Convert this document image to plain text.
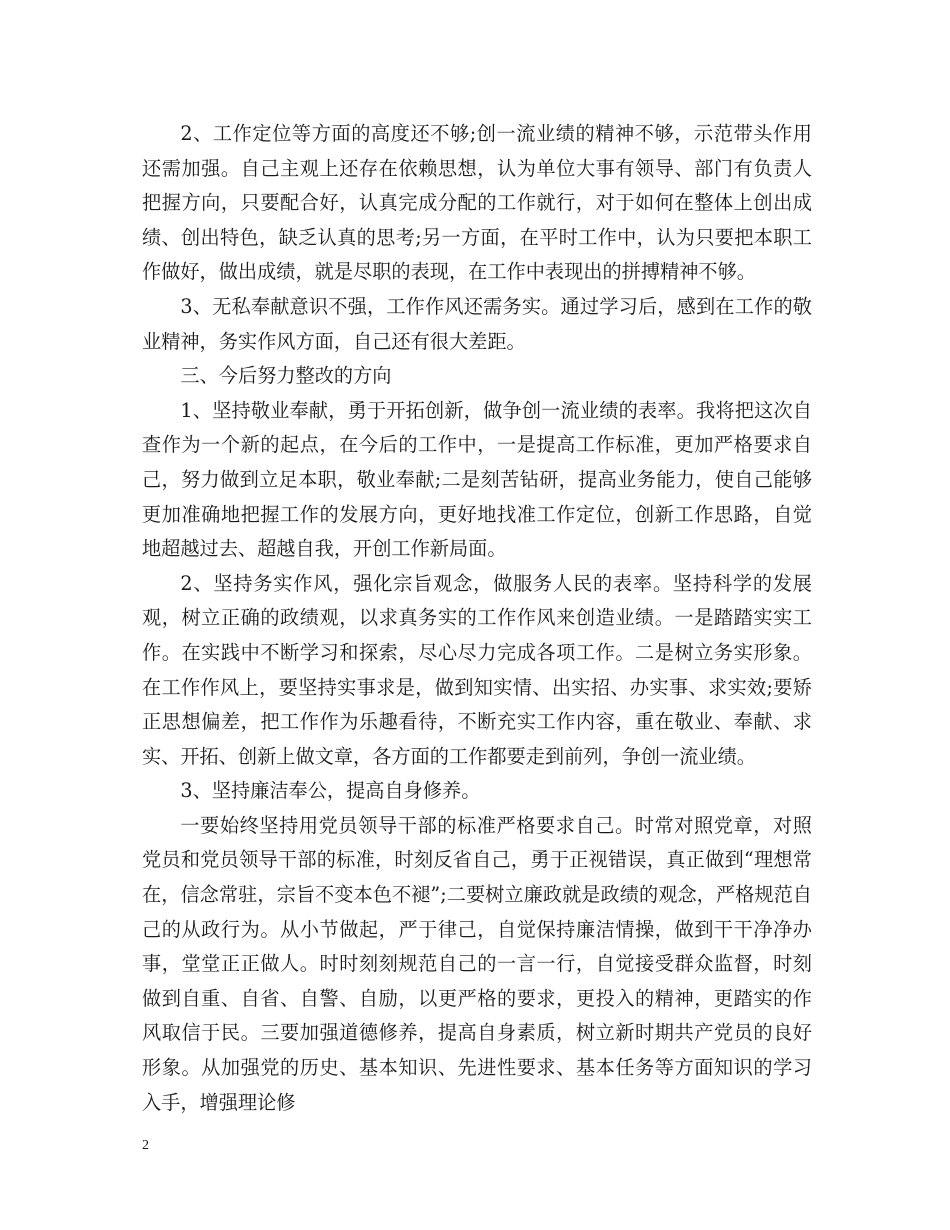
2、工作定位等方面的高度还不够;创一流业绩的精神不够，示范带头作用还需加强。自己主观上还存在依赖思想，认为单位大事有领导、部门有负责人把握方向，只要配合好，认真完成分配的工作就行，对于如何在整体上创出成绩、创出特色，缺乏认真的思考;另一方面，在平时工作中，认为只要把本职工作做好，做出成绩，就是尽职的表现，在工作中表现出的拼搏精神不够。

3、无私奉献意识不强，工作作风还需务实。通过学习后，感到在工作的敬业精神，务实作风方面，自己还有很大差距。

三、今后努力整改的方向

1、坚持敬业奉献，勇于开拓创新，做争创一流业绩的表率。我将把这次自查作为一个新的起点，在今后的工作中，一是提高工作标准，更加严格要求自己，努力做到立足本职，敬业奉献;二是刻苦钻研，提高业务能力，使自己能够更加准确地把握工作的发展方向，更好地找准工作定位，创新工作思路，自觉地超越过去、超越自我，开创工作新局面。

2、坚持务实作风，强化宗旨观念，做服务人民的表率。坚持科学的发展观，树立正确的政绩观，以求真务实的工作作风来创造业绩。一是踏踏实实工作。在实践中不断学习和探索，尽心尽力完成各项工作。二是树立务实形象。在工作作风上，要坚持实事求是，做到知实情、出实招、办实事、求实效;要矫正思想偏差，把工作作为乐趣看待，不断充实工作内容，重在敬业、奉献、求实、开拓、创新上做文章，各方面的工作都要走到前列，争创一流业绩。

3、坚持廉洁奉公，提高自身修养。

一要始终坚持用党员领导干部的标准严格要求自己。时常对照党章，对照党员和党员领导干部的标准，时刻反省自己，勇于正视错误，真正做到“理想常在，信念常驻，宗旨不变本色不褪”;二要树立廉政就是政绩的观念，严格规范自己的从政行为。从小节做起，严于律己，自觉保持廉洁情操，做到干干净净办事，堂堂正正做人。时时刻刻规范自己的一言一行，自觉接受群众监督，时刻做到自重、自省、自警、自励，以更严格的要求，更投入的精神，更踏实的作风取信于民。三要加强道德修养，提高自身素质，树立新时期共产党员的良好形象。从加强党的历史、基本知识、先进性要求、基本任务等方面知识的学习入手，增强理论修

2
